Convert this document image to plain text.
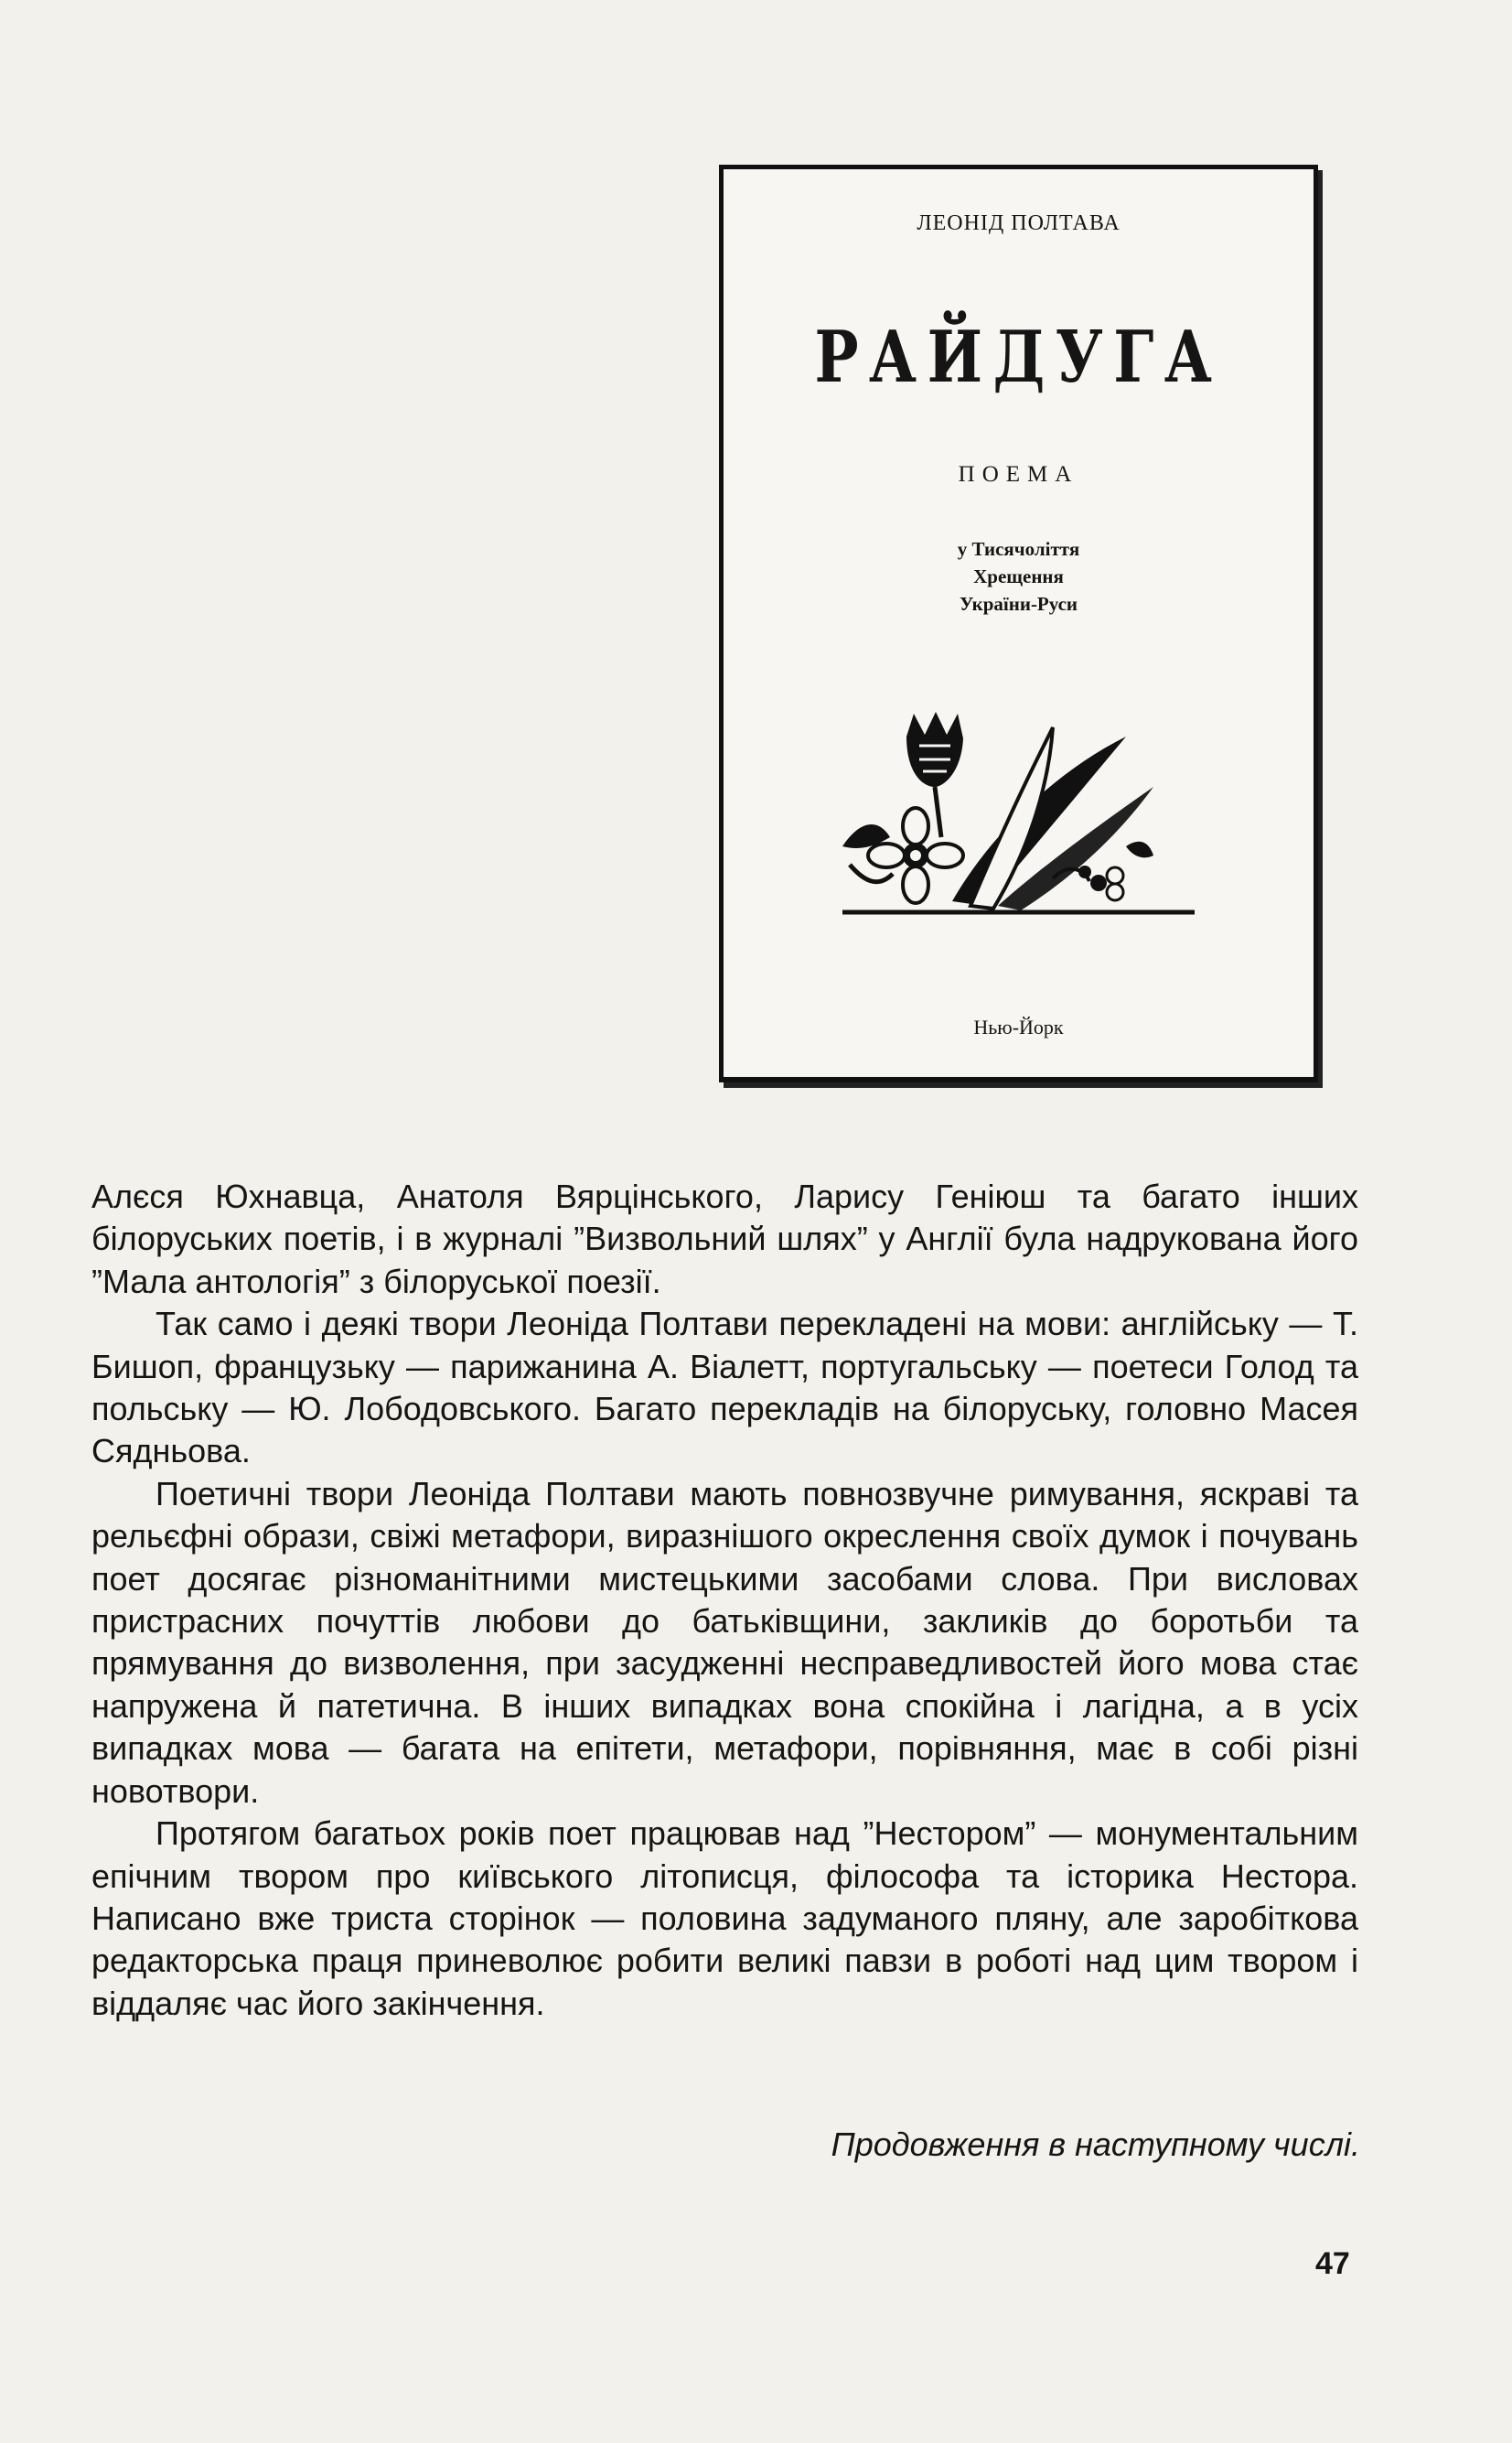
ЛЕОНІД ПОЛТАВА
РАЙДУГА
ПОЕМА
у Тисячоліття
Хрещення
України-Руси
Нью-Йорк

Алєся Юхнавца, Анатоля Вярцінського, Ларису Геніюш та багато інших білоруських поетів, і в журналі ”Визвольний шлях” у Англії була надрукована його ”Мала антологія” з білоруської поезії.

Так само і деякі твори Леоніда Полтави перекладені на мови: англійську — Т. Бишоп, французьку — парижанина А. Віалетт, португальську — поетеси Голод та польську — Ю. Лободовського. Багато перекладів на білоруську, головно Масея Сядньова.

Поетичні твори Леоніда Полтави мають повнозвучне римування, яскраві та рельєфні образи, свіжі метафори, виразнішого окреслення своїх думок і почувань поет досягає різноманітними мистецькими засобами слова. При висловах пристрасних почуттів любови до батьківщини, закликів до боротьби та прямування до визволення, при засудженні несправедливостей його мова стає напружена й патетична. В інших випадках вона спокійна і лагідна, а в усіх випадках мова — багата на епітети, метафори, порівняння, має в собі різні новотвори.

Протягом багатьох років поет працював над ”Нестором” — монументальним епічним твором про київського літописця, філософа та історика Нестора. Написано вже триста сторінок — половина задуманого пляну, але заробіткова редакторська праця приневолює робити великі павзи в роботі над цим твором і віддаляє час його закінчення.

Продовження в наступному числі.
47
